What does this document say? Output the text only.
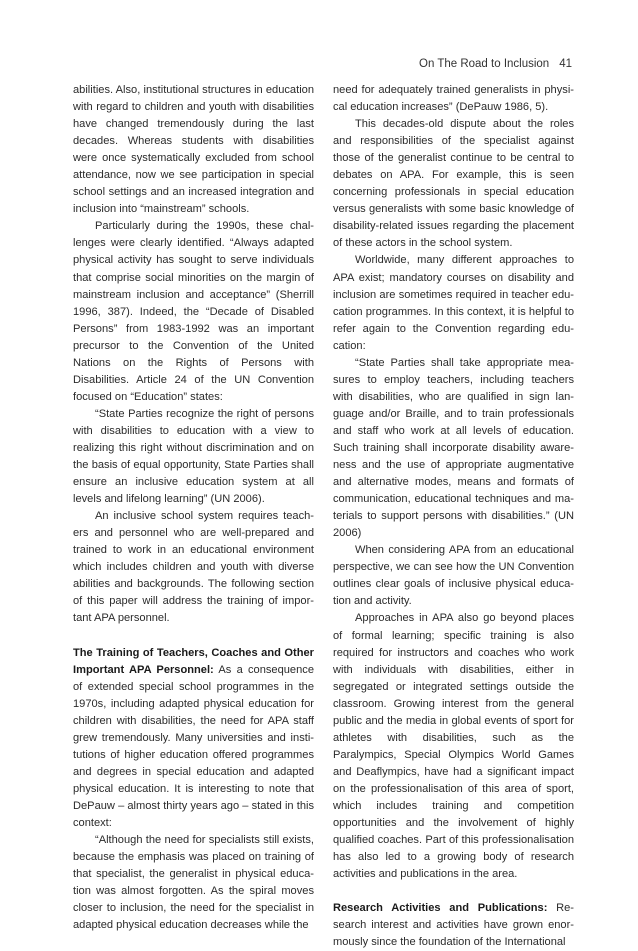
On The Road to Inclusion 41

abilities. Also, institutional structures in education with regard to children and youth with disabilities have changed tremendously during the last decades. Whereas students with disabilities were once systematically excluded from school attendance, now we see participation in special school settings and an increased integration and inclusion into “mainstream” schools.

Particularly during the 1990s, these challenges were clearly identified. “Always adapted physical activity has sought to serve individuals that comprise social minorities on the margin of mainstream inclusion and acceptance” (Sherrill 1996, 387). Indeed, the “Decade of Disabled Persons” from 1983-1992 was an important precursor to the Convention of the United Nations on the Rights of Persons with Disabilities. Article 24 of the UN Convention focused on “Education” states:

“State Parties recognize the right of persons with disabilities to education with a view to realizing this right without discrimination and on the basis of equal opportunity, State Parties shall ensure an inclusive education system at all levels and lifelong learning” (UN 2006).

An inclusive school system requires teachers and personnel who are well-prepared and trained to work in an educational environment which includes children and youth with diverse abilities and backgrounds. The following section of this paper will address the training of important APA personnel.

The Training of Teachers, Coaches and Other Important APA Personnel: As a consequence of extended special school programmes in the 1970s, including adapted physical education for children with disabilities, the need for APA staff grew tremendously. Many universities and institutions of higher education offered programmes and degrees in special education and adapted physical education. It is interesting to note that DePauw – almost thirty years ago – stated in this context:

“Although the need for specialists still exists, because the emphasis was placed on training of that specialist, the generalist in physical education was almost forgotten. As the spiral moves closer to inclusion, the need for the specialist in adapted physical education decreases while the

need for adequately trained generalists in physical education increases” (DePauw 1986, 5).

This decades-old dispute about the roles and responsibilities of the specialist against those of the generalist continue to be central to debates on APA. For example, this is seen concerning professionals in special education versus generalists with some basic knowledge of disability-related issues regarding the placement of these actors in the school system.

Worldwide, many different approaches to APA exist; mandatory courses on disability and inclusion are sometimes required in teacher education programmes. In this context, it is helpful to refer again to the Convention regarding education:

“State Parties shall take appropriate measures to employ teachers, including teachers with disabilities, who are qualified in sign language and/or Braille, and to train professionals and staff who work at all levels of education. Such training shall incorporate disability awareness and the use of appropriate augmentative and alternative modes, means and formats of communication, educational techniques and materials to support persons with disabilities.” (UN 2006)

When considering APA from an educational perspective, we can see how the UN Convention outlines clear goals of inclusive physical education and activity.

Approaches in APA also go beyond places of formal learning; specific training is also required for instructors and coaches who work with individuals with disabilities, either in segregated or integrated settings outside the classroom. Growing interest from the general public and the media in global events of sport for athletes with disabilities, such as the Paralympics, Special Olympics World Games and Deaflympics, have had a significant impact on the professionalisation of this area of sport, which includes training and competition opportunities and the involvement of highly qualified coaches. Part of this professionalisation has also led to a growing body of research activities and publications in the area.

Research Activities and Publications: Research interest and activities have grown enormously since the foundation of the International
